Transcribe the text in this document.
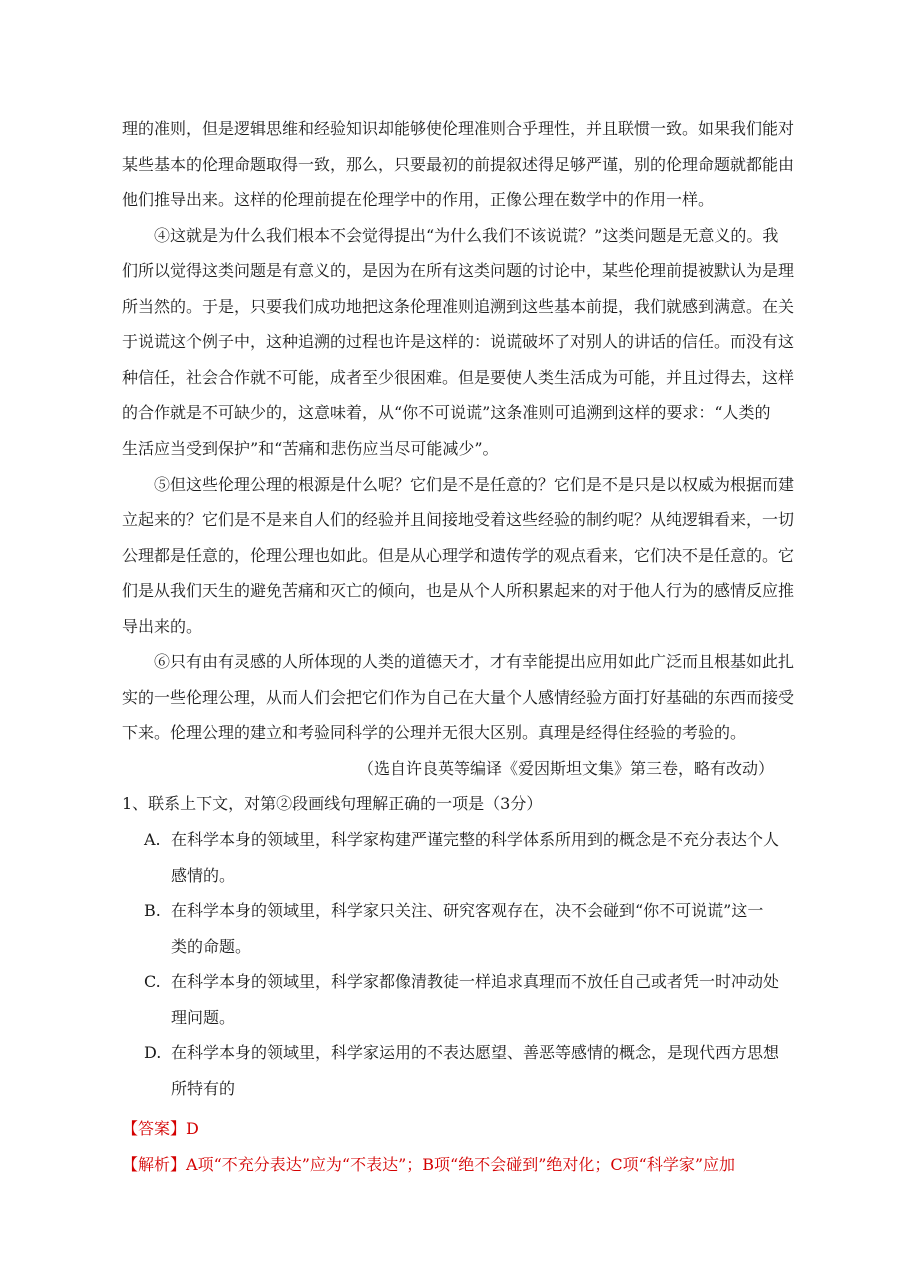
理的准则，但是逻辑思维和经验知识却能够使伦理准则合乎理性，并且联惯一致。如果我们能对
某些基本的伦理命题取得一致，那么，只要最初的前提叙述得足够严谨，别的伦理命题就都能由
他们推导出来。这样的伦理前提在伦理学中的作用，正像公理在数学中的作用一样。
④这就是为什么我们根本不会觉得提出“为什么我们不该说谎？”这类问题是无意义的。我
们所以觉得这类问题是有意义的，是因为在所有这类问题的讨论中，某些伦理前提被默认为是理
所当然的。于是，只要我们成功地把这条伦理准则追溯到这些基本前提，我们就感到满意。在关
于说谎这个例子中，这种追溯的过程也许是这样的：说谎破坏了对别人的讲话的信任。而没有这
种信任，社会合作就不可能，成者至少很困难。但是要使人类生活成为可能，并且过得去，这样
的合作就是不可缺少的，这意味着，从“你不可说谎”这条准则可追溯到这样的要求：“人类的
生活应当受到保护”和“苦痛和悲伤应当尽可能减少”。
⑤但这些伦理公理的根源是什么呢？它们是不是任意的？它们是不是只是以权威为根据而建
立起来的？它们是不是来自人们的经验并且间接地受着这些经验的制约呢？从纯逻辑看来，一切
公理都是任意的，伦理公理也如此。但是从心理学和遗传学的观点看来，它们决不是任意的。它
们是从我们天生的避免苦痛和灭亡的倾向，也是从个人所积累起来的对于他人行为的感情反应推
导出来的。
⑥只有由有灵感的人所体现的人类的道德天才，才有幸能提出应用如此广泛而且根基如此扎
实的一些伦理公理，从而人们会把它们作为自己在大量个人感情经验方面打好基础的东西而接受
下来。伦理公理的建立和考验同科学的公理并无很大区别。真理是经得住经验的考验的。
（选自许良英等编译《爱因斯坦文集》第三卷，略有改动）
1、联系上下文，对第②段画线句理解正确的一项是（3分）
A. 在科学本身的领域里，科学家构建严谨完整的科学体系所用到的概念是不充分表达个人
感情的。
B. 在科学本身的领域里，科学家只关注、研究客观存在，决不会碰到“你不可说谎”这一
类的命题。
C. 在科学本身的领域里，科学家都像清教徒一样追求真理而不放任自己或者凭一时冲动处
理问题。
D. 在科学本身的领域里，科学家运用的不表达愿望、善恶等感情的概念，是现代西方思想
所特有的
【答案】D
【解析】A项“不充分表达”应为“不表达”；B项“绝不会碰到”绝对化；C项“科学家”应加
